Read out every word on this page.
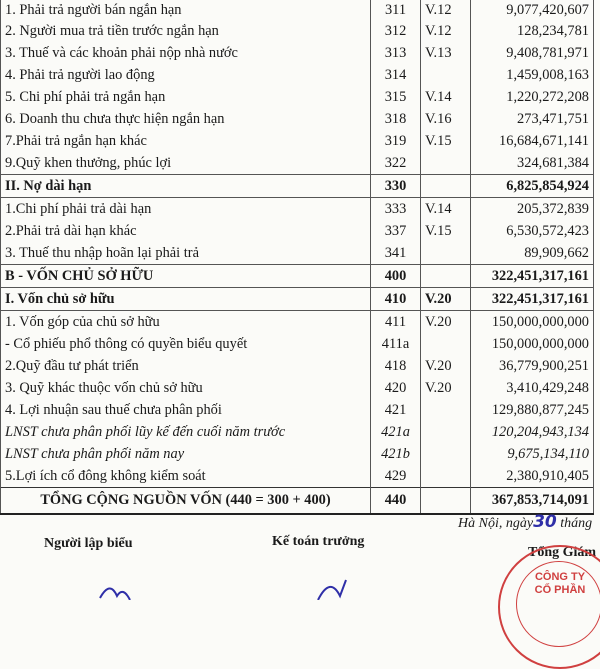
1. Phải trả người bán ngắn hạn	311	V.12	9,077,420,607
2. Người mua trả tiền trước ngắn hạn	312	V.12	128,234,781
3. Thuế và các khoản phải nộp nhà nước	313	V.13	9,408,781,971
4. Phải trả người lao động	314		1,459,008,163
5. Chi phí phải trả ngắn hạn	315	V.14	1,220,272,208
6. Doanh thu chưa thực hiện ngắn hạn	318	V.16	273,471,751
7.Phải trả ngắn hạn khác	319	V.15	16,684,671,141
9.Quỹ khen thưởng, phúc lợi	322		324,681,384
II. Nợ dài hạn	330		6,825,854,924
1.Chi phí phải trả dài hạn	333	V.14	205,372,839
2.Phải trả dài hạn khác	337	V.15	6,530,572,423
3. Thuế thu nhập hoãn lại phải trả	341		89,909,662
B - VỐN CHỦ SỞ HỮU	400		322,451,317,161
I. Vốn chủ sở hữu	410	V.20	322,451,317,161
1. Vốn góp của chủ sở hữu	411	V.20	150,000,000,000
- Cổ phiếu phổ thông có quyền biểu quyết	411a		150,000,000,000
2.Quỹ đầu tư phát triển	418	V.20	36,779,900,251
3. Quỹ khác thuộc vốn chủ sở hữu	420	V.20	3,410,429,248
4. Lợi nhuận sau thuế chưa phân phối	421		129,880,877,245
LNST chưa phân phối lũy kế đến cuối năm trước	421a		120,204,943,134
LNST chưa phân phối năm nay	421b		9,675,134,110
5.Lợi ích cổ đông không kiểm soát	429		2,380,910,405
TỔNG CỘNG NGUỒN VỐN (440 = 300 + 400)	440		367,853,714,091
Hà Nội, ngày30 tháng
Người lập biểu	Kế toán trưởng
Tổng Giám
CÔNG TY
CỔ PHẦN
